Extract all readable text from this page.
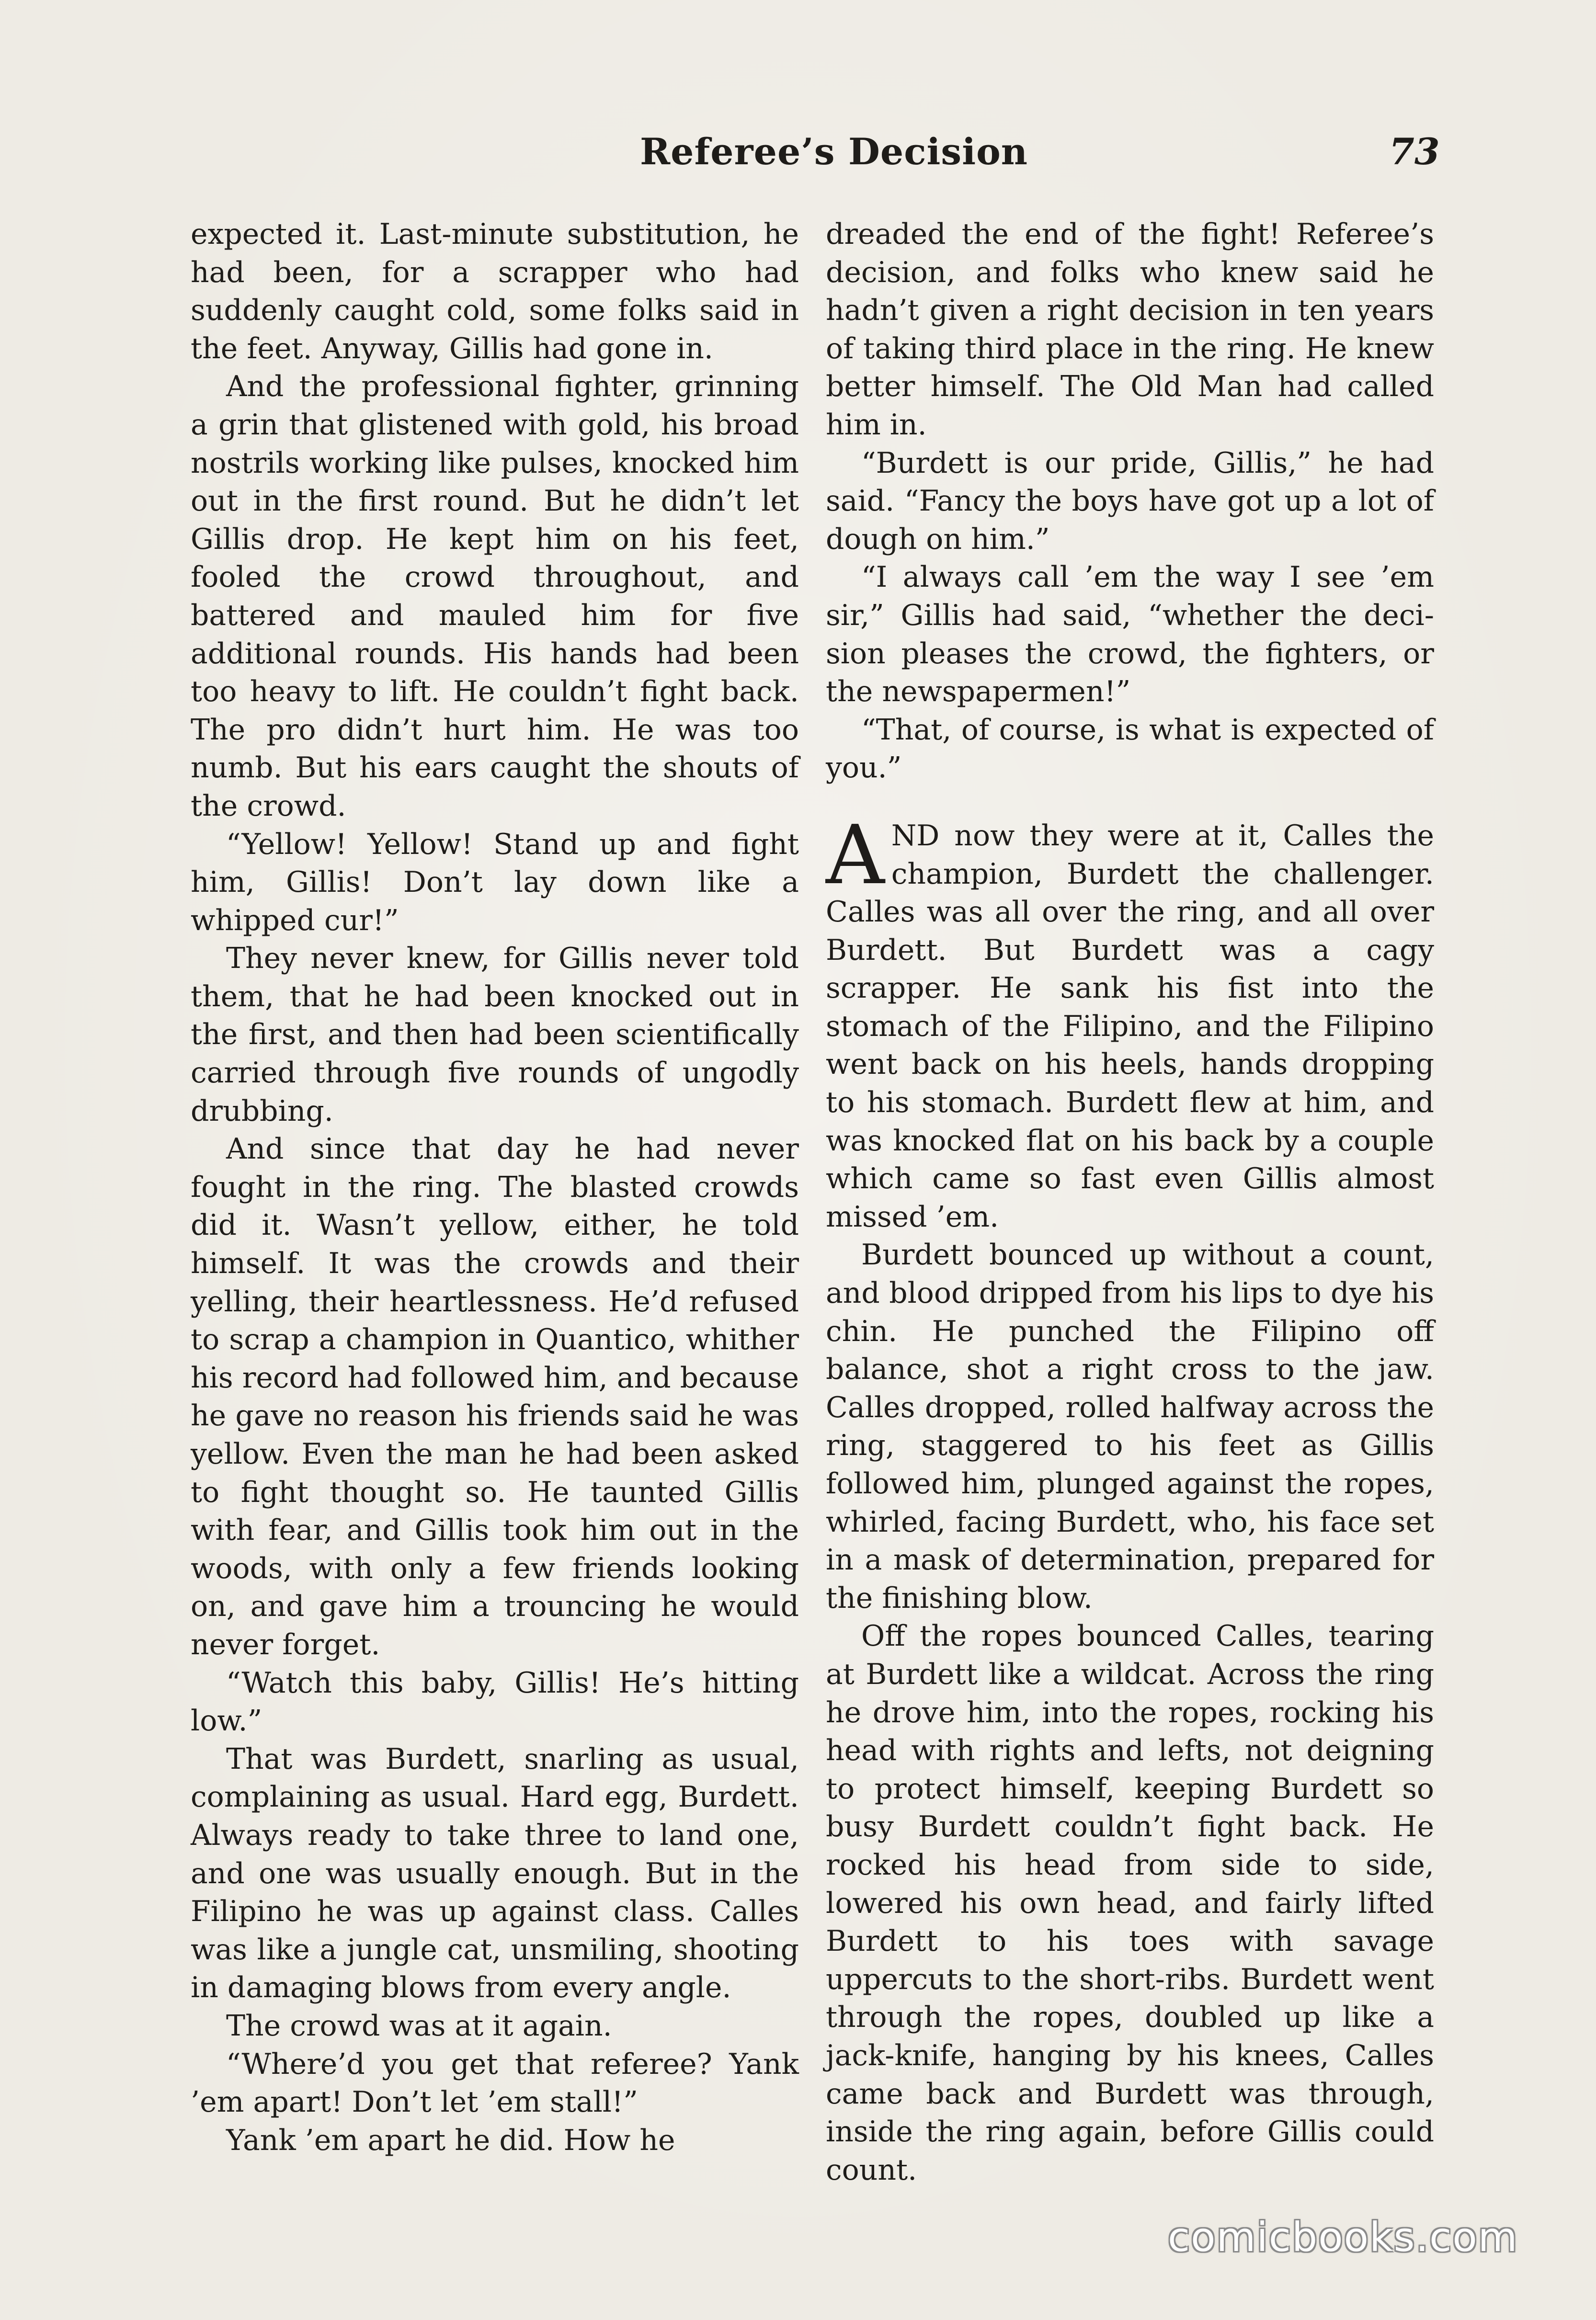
Referee’s Decision	73

expected it. Last-minute substitution, he had been, for a scrapper who had suddenly caught cold, some folks said in the feet. Anyway, Gillis had gone in.

And the professional fighter, grinning a grin that glistened with gold, his broad nostrils working like pulses, knocked him out in the first round. But he didn’t let Gillis drop. He kept him on his feet, fooled the crowd throughout, and battered and mauled him for five additional rounds. His hands had been too heavy to lift. He couldn’t fight back. The pro didn’t hurt him. He was too numb. But his ears caught the shouts of the crowd.

“Yellow! Yellow! Stand up and fight him, Gillis! Don’t lay down like a whipped cur!”

They never knew, for Gillis never told them, that he had been knocked out in the first, and then had been scientifically carried through five rounds of ungodly drubbing.

And since that day he had never fought in the ring. The blasted crowds did it. Wasn’t yellow, either, he told himself. It was the crowds and their yelling, their heartlessness. He’d refused to scrap a champion in Quantico, whither his record had followed him, and because he gave no reason his friends said he was yellow. Even the man he had been asked to fight thought so. He taunted Gillis with fear, and Gillis took him out in the woods, with only a few friends looking on, and gave him a trouncing he would never forget.

“Watch this baby, Gillis! He’s hitting low.”

That was Burdett, snarling as usual, complaining as usual. Hard egg, Burdett. Always ready to take three to land one, and one was usually enough. But in the Filipino he was up against class. Calles was like a jungle cat, unsmiling, shooting in damaging blows from every angle.

The crowd was at it again.

“Where’d you get that referee? Yank ’em apart! Don’t let ’em stall!”

Yank ’em apart he did. How he

dreaded the end of the fight! Referee’s decision, and folks who knew said he hadn’t given a right decision in ten years of taking third place in the ring. He knew better himself. The Old Man had called him in.

“Burdett is our pride, Gillis,” he had said. “Fancy the boys have got up a lot of dough on him.”

“I always call ’em the way I see ’em sir,” Gillis had said, “whether the decision pleases the crowd, the fighters, or the newspapermen!”

“That, of course, is what is expected of you.”

AND now they were at it, Calles the champion, Burdett the challenger. Calles was all over the ring, and all over Burdett. But Burdett was a cagy scrapper. He sank his fist into the stomach of the Filipino, and the Filipino went back on his heels, hands dropping to his stomach. Burdett flew at him, and was knocked flat on his back by a couple which came so fast even Gillis almost missed ’em.

Burdett bounced up without a count, and blood dripped from his lips to dye his chin. He punched the Filipino off balance, shot a right cross to the jaw. Calles dropped, rolled halfway across the ring, staggered to his feet as Gillis followed him, plunged against the ropes, whirled, facing Burdett, who, his face set in a mask of determination, prepared for the finishing blow.

Off the ropes bounced Calles, tearing at Burdett like a wildcat. Across the ring he drove him, into the ropes, rocking his head with rights and lefts, not deigning to protect himself, keeping Burdett so busy Burdett couldn’t fight back. He rocked his head from side to side, lowered his own head, and fairly lifted Burdett to his toes with savage uppercuts to the short-ribs. Burdett went through the ropes, doubled up like a jack-knife, hanging by his knees, Calles came back and Burdett was through, inside the ring again, before Gillis could count.

comicbooks.com
